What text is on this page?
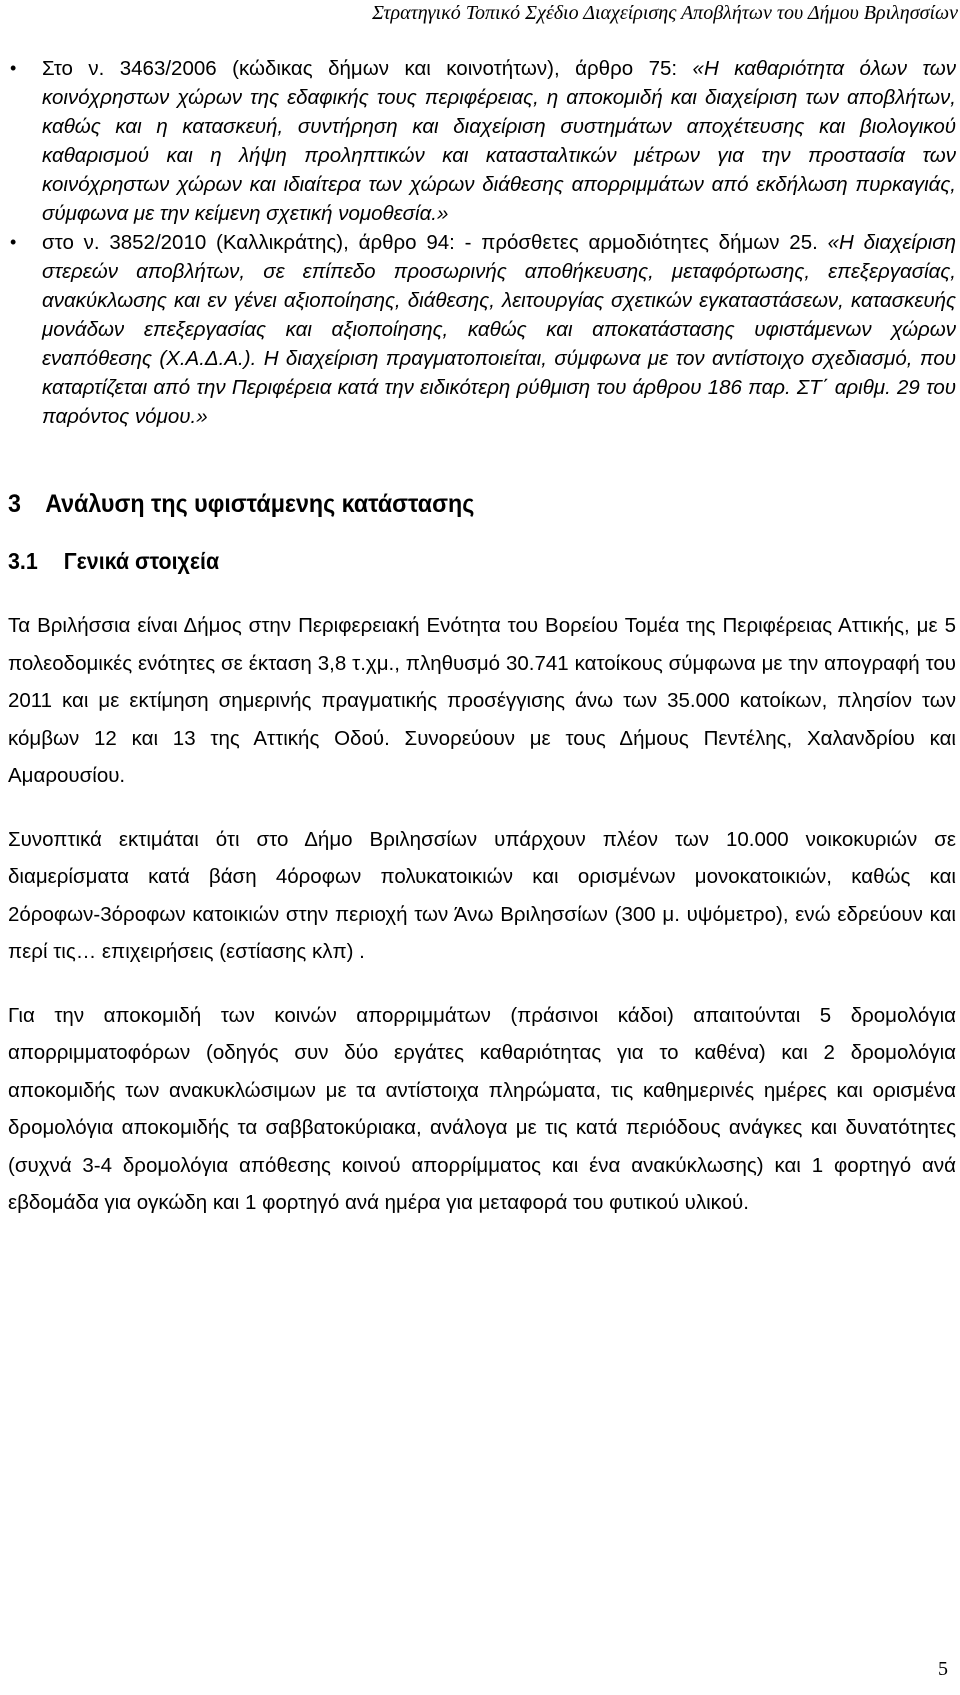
Στρατηγικό Τοπικό Σχέδιο Διαχείρισης Αποβλήτων του Δήμου Βριλησσίων
• Στο ν. 3463/2006 (κώδικας δήμων και κοινοτήτων), άρθρο 75: «Η καθαριότητα όλων των κοινόχρηστων χώρων της εδαφικής τους περιφέρειας, η αποκομιδή και διαχείριση των αποβλήτων, καθώς και η κατασκευή, συντήρηση και διαχείριση συστημάτων αποχέτευσης και βιολογικού καθαρισμού και η λήψη προληπτικών και κατασταλτικών μέτρων για την προστασία των κοινόχρηστων χώρων και ιδιαίτερα των χώρων διάθεσης απορριμμάτων από εκδήλωση πυρκαγιάς, σύμφωνα με την κείμενη σχετική νομοθεσία.»
• στο ν. 3852/2010 (Καλλικράτης), άρθρο 94: - πρόσθετες αρμοδιότητες δήμων 25. «Η διαχείριση στερεών αποβλήτων, σε επίπεδο προσωρινής αποθήκευσης, μεταφόρτωσης, επεξεργασίας, ανακύκλωσης και εν γένει αξιοποίησης, διάθεσης, λειτουργίας σχετικών εγκαταστάσεων, κατασκευής μονάδων επεξεργασίας και αξιοποίησης, καθώς και αποκατάστασης υφιστάμενων χώρων εναπόθεσης (Χ.Α.Δ.Α.). Η διαχείριση πραγματοποιείται, σύμφωνα με τον αντίστοιχο σχεδιασμό, που καταρτίζεται από την Περιφέρεια κατά την ειδικότερη ρύθμιση του άρθρου 186 παρ. ΣΤ΄ αριθμ. 29 του παρόντος νόμου.»
3 Ανάλυση της υφιστάμενης κατάστασης
3.1 Γενικά στοιχεία

Τα Βριλήσσια είναι Δήμος στην Περιφερειακή Ενότητα του Βορείου Τομέα της Περιφέρειας Αττικής, με 5 πολεοδομικές ενότητες σε έκταση 3,8 τ.χμ., πληθυσμό 30.741 κατοίκους σύμφωνα με την απογραφή του 2011 και με εκτίμηση σημερινής πραγματικής προσέγγισης άνω των 35.000 κατοίκων, πλησίον των κόμβων 12 και 13 της Αττικής Οδού. Συνορεύουν με τους Δήμους Πεντέλης, Χαλανδρίου και Αμαρουσίου.

Συνοπτικά εκτιμάται ότι στο Δήμο Βριλησσίων υπάρχουν πλέον των 10.000 νοικοκυριών σε διαμερίσματα κατά βάση 4όροφων πολυκατοικιών και ορισμένων μονοκατοικιών, καθώς και 2όροφων-3όροφων κατοικιών στην περιοχή των Άνω Βριλησσίων (300 μ. υψόμετρο), ενώ εδρεύουν και περί τις… επιχειρήσεις (εστίασης κλπ) .

Για την αποκομιδή των κοινών απορριμμάτων (πράσινοι κάδοι) απαιτούνται 5 δρομολόγια απορριμματοφόρων (οδηγός συν δύο εργάτες καθαριότητας για το καθένα) και 2 δρομολόγια αποκομιδής των ανακυκλώσιμων με τα αντίστοιχα πληρώματα, τις καθημερινές ημέρες και ορισμένα δρομολόγια αποκομιδής τα σαββατοκύριακα, ανάλογα με τις κατά περιόδους ανάγκες και δυνατότητες (συχνά 3-4 δρομολόγια απόθεσης κοινού απορρίμματος και ένα ανακύκλωσης) και 1 φορτηγό ανά εβδομάδα για ογκώδη και 1 φορτηγό ανά ημέρα για μεταφορά του φυτικού υλικού.

5
